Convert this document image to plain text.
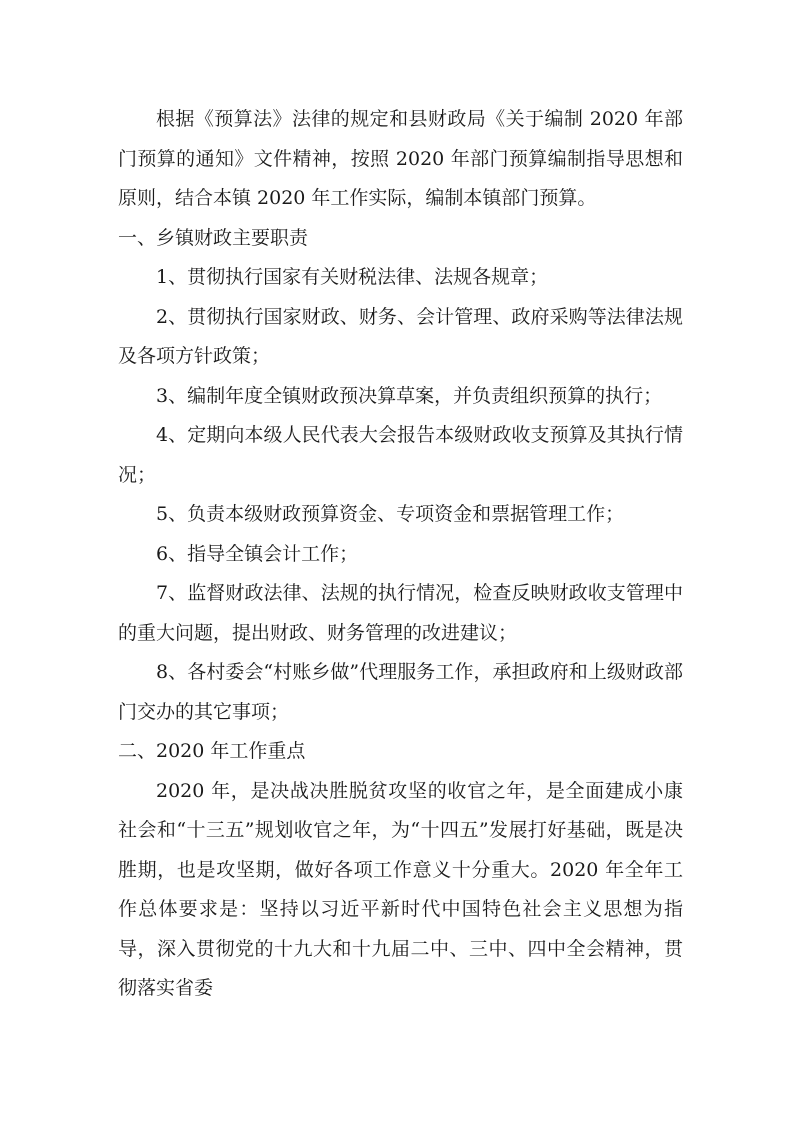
根据《预算法》法律的规定和县财政局《关于编制 2020 年部门预算的通知》文件精神，按照 2020 年部门预算编制指导思想和原则，结合本镇 2020 年工作实际，编制本镇部门预算。

一、乡镇财政主要职责

1、贯彻执行国家有关财税法律、法规各规章；

2、贯彻执行国家财政、财务、会计管理、政府采购等法律法规及各项方针政策；

3、编制年度全镇财政预决算草案，并负责组织预算的执行；

4、定期向本级人民代表大会报告本级财政收支预算及其执行情况；

5、负责本级财政预算资金、专项资金和票据管理工作；

6、指导全镇会计工作；

7、监督财政法律、法规的执行情况，检查反映财政收支管理中的重大问题，提出财政、财务管理的改进建议；

8、各村委会“村账乡做”代理服务工作，承担政府和上级财政部门交办的其它事项；

二、2020 年工作重点

2020 年，是决战决胜脱贫攻坚的收官之年，是全面建成小康社会和“十三五”规划收官之年，为“十四五”发展打好基础，既是决胜期，也是攻坚期，做好各项工作意义十分重大。2020 年全年工作总体要求是：坚持以习近平新时代中国特色社会主义思想为指导，深入贯彻党的十九大和十九届二中、三中、四中全会精神，贯彻落实省委
